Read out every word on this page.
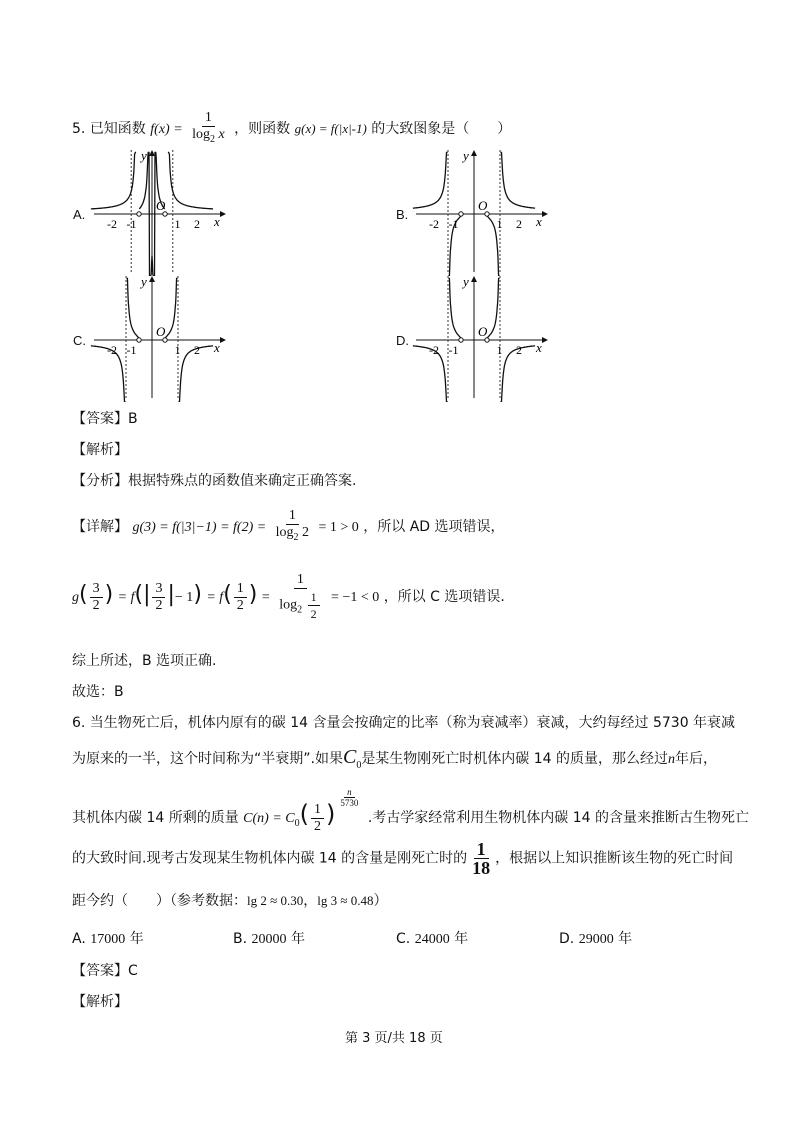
5. 已知函数 $f(x) = \frac{1}{\log_2 x}$ ，则函数 g(x) = f(|x|-1) 的大致图象是（　　）
A.
-2 -1	1 2
O
x
y
B.
-2 -1	1 2
O
x
y
C.
-2 -1	1 2
O
x
y
D.
-2 -1	1 2
O
x
y
【答案】B
【解析】
【分析】根据特殊点的函数值来确定正确答案.
【详解】 $g(3) = f(|3|-1) = f(2) = \frac{1}{\log_2 2} = 1 > 0$ ，所以 AD 选项错误，
$g( \frac{3}{2}$ ) = $f(| \frac{3}{2}$ |− $1) = f( \frac{1}{2}$ ) = $\frac{1}{\log_2 \frac{1}{2}} = -1 < 0$ ，所以 C 选项错误.
综上所述，B 选项正确.
故选：B
6. 当生物死亡后，机体内原有的碳 14 含量会按确定的比率（称为衰减率）衰减，大约每经过 5730 年衰减
为原来的一半，这个时间称为“半衰期”.如果$C_0$是某生物刚死亡时机体内碳 14 的质量，那么经过n年后，
其机体内碳 14 所剩的质量 $C(n) = C_0( \frac{1}{2}$ )
$^{\frac{n}{5730}}$
.考古学家经常利用生物机体内碳 14 的含量来推断古生物死亡
的大致时间.现考古发现某生物机体内碳 14 的含量是刚死亡时的 $\frac{1}{18}$ ，根据以上知识推断该生物的死亡时间
距今约（　　）（参考数据：lg 2 ≈ 0.30，lg 3 ≈ 0.48）
A. 17000 年	B. 20000 年	C. 24000 年	D. 29000 年
【答案】C
【解析】
第 3 页/共 18 页
